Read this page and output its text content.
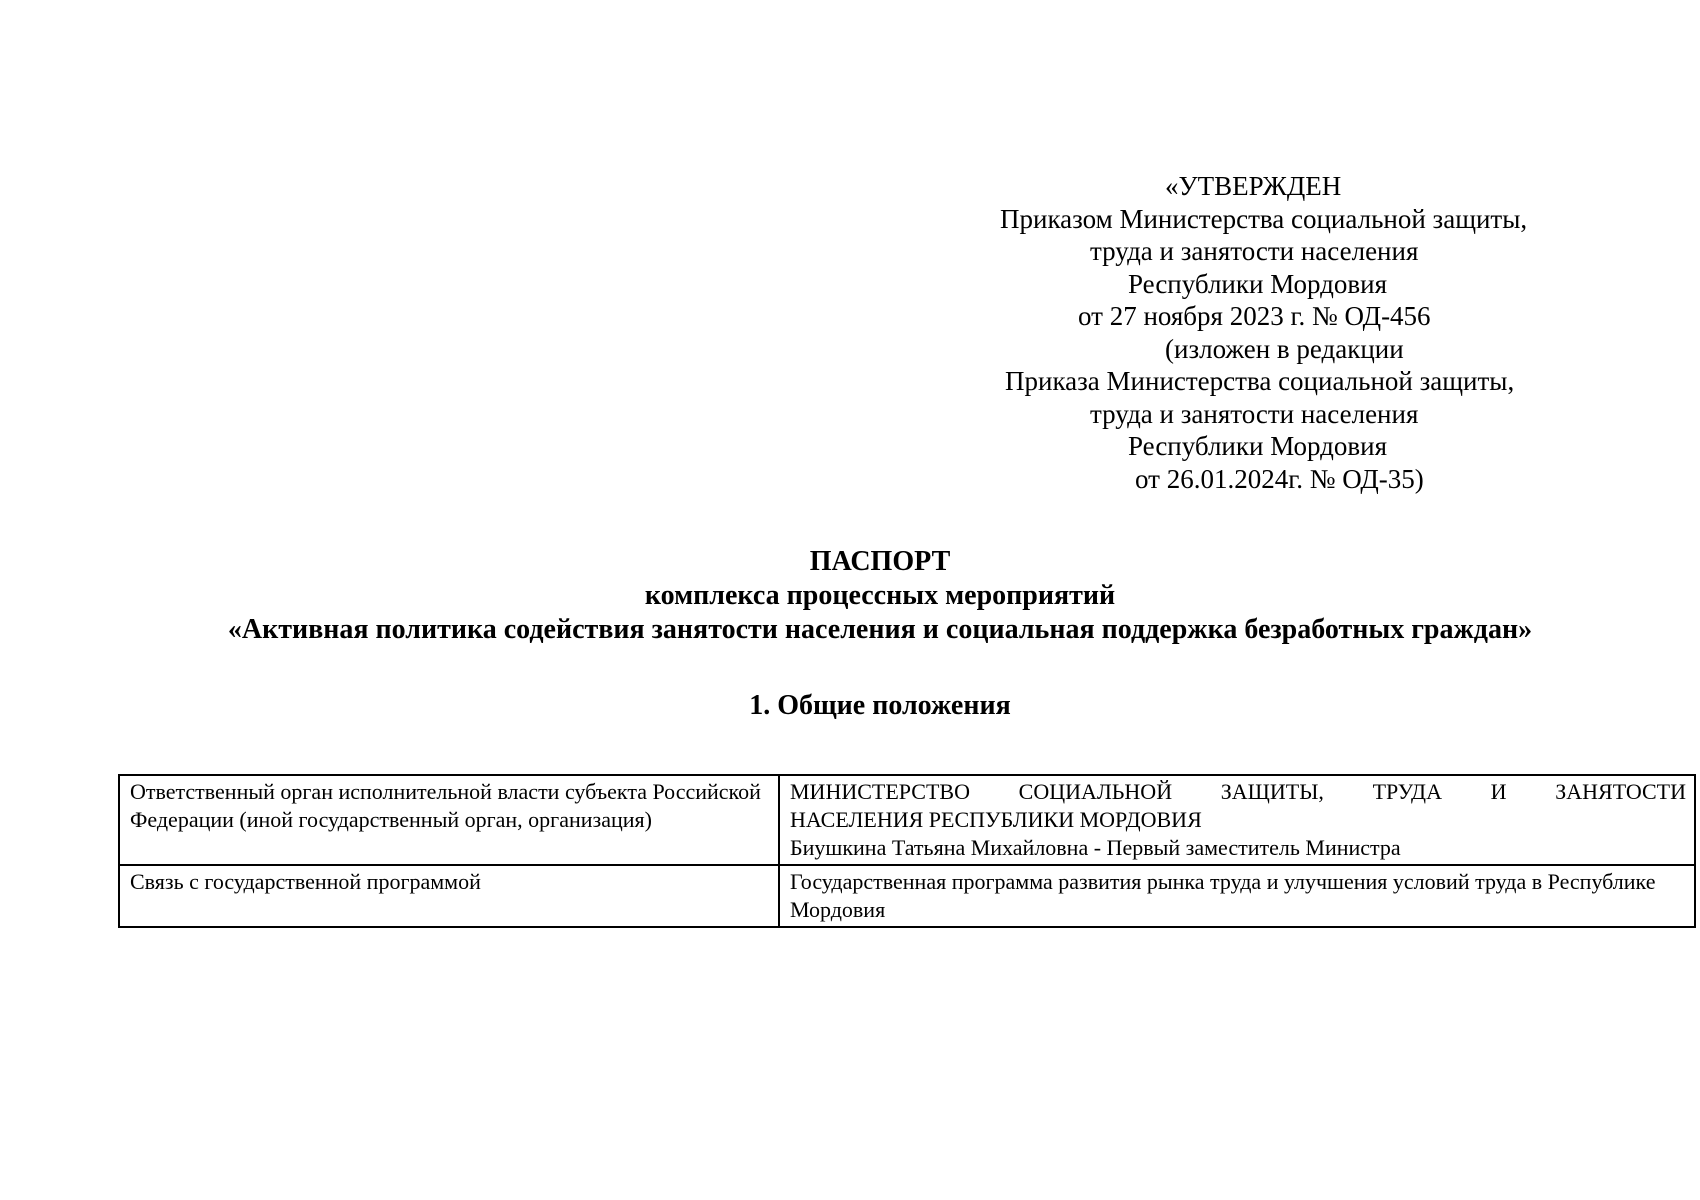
«УТВЕРЖДЕН
Приказом Министерства социальной защиты,
труда и занятости населения
Республики Мордовия
от 27 ноября 2023 г. № ОД-456
(изложен в редакции
Приказа Министерства социальной защиты,
труда и занятости населения
Республики Мордовия
от 26.01.2024г. № ОД-35)
ПАСПОРТ
комплекса процессных мероприятий
«Активная политика содействия занятости населения и социальная поддержка безработных граждан»
1. Общие положения
Ответственный орган исполнительной власти субъекта Российской Федерации (иной государственный орган, организация)	МИНИСТЕРСТВО СОЦИАЛЬНОЙ ЗАЩИТЫ, ТРУДА И ЗАНЯТОСТИ
НАСЕЛЕНИЯ РЕСПУБЛИКИ МОРДОВИЯ
Биушкина Татьяна Михайловна - Первый заместитель Министра

Связь с государственной программой	Государственная программа развития рынка труда и улучшения условий труда в Республике Мордовия
